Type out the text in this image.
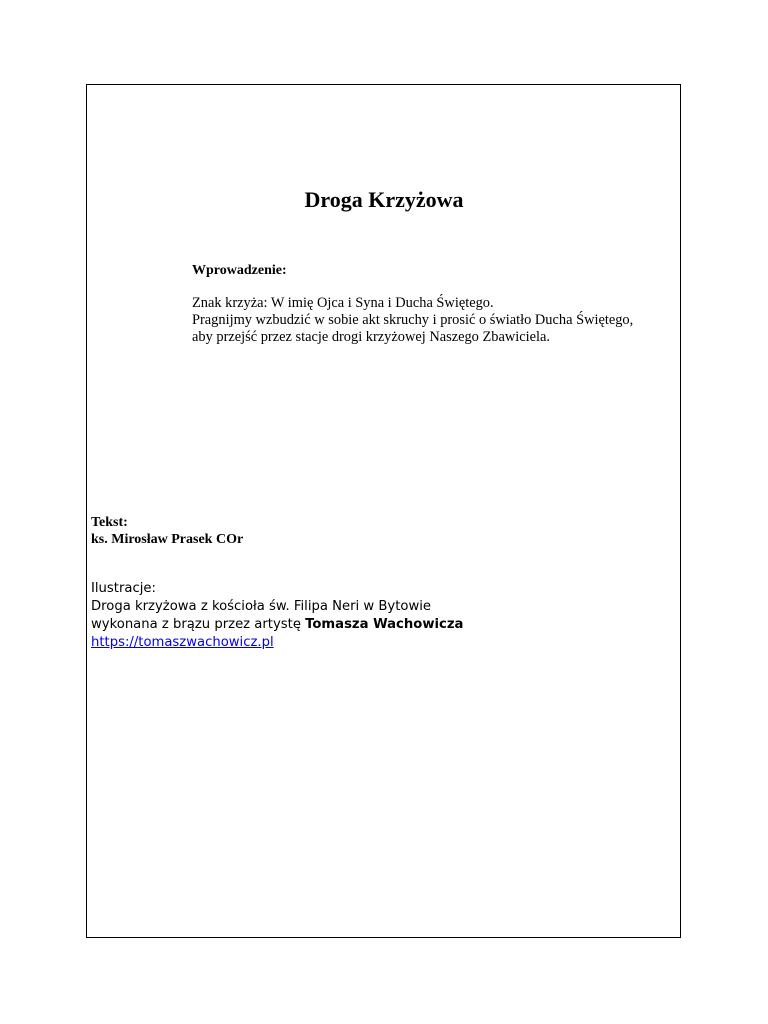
Droga Krzyżowa
Wprowadzenie:
Znak krzyża: W imię Ojca i Syna i Ducha Świętego.
Pragnijmy wzbudzić w sobie akt skruchy i prosić o światło Ducha Świętego,
aby przejść przez stacje drogi krzyżowej Naszego Zbawiciela.
Tekst:
ks. Mirosław Prasek COr
Ilustracje:
Droga krzyżowa z kościoła św. Filipa Neri w Bytowie
wykonana z brązu przez artystę Tomasza Wachowicza
https://tomaszwachowicz.pl
